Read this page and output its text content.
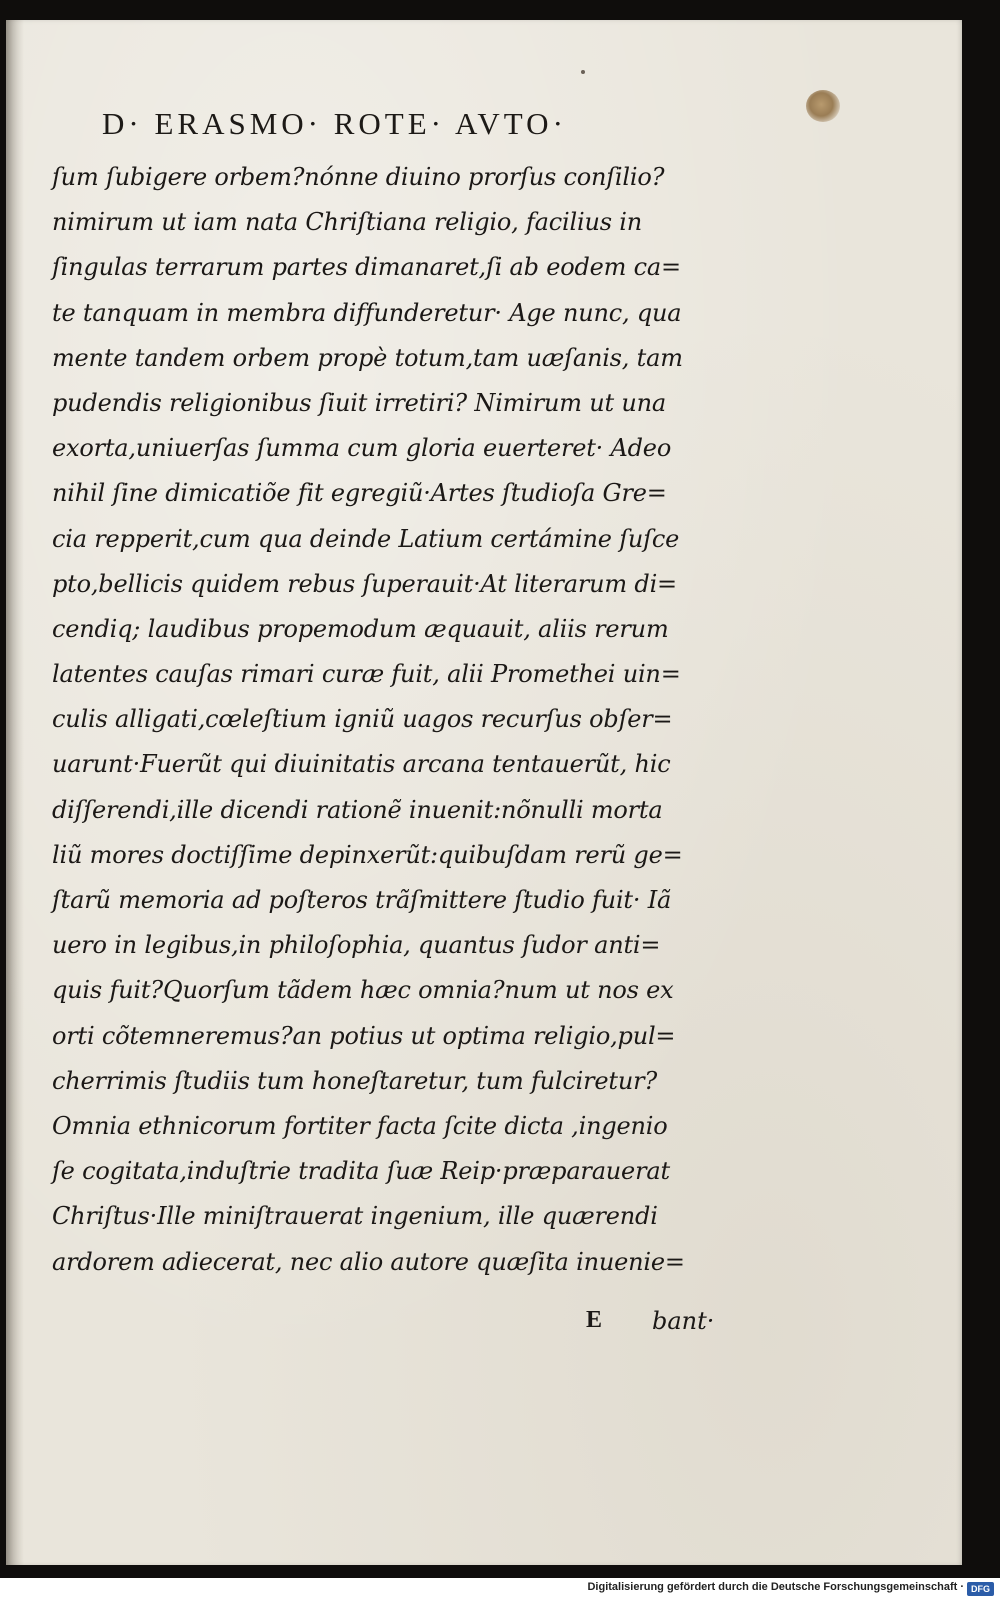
D· ERASMO· ROTE· AVTO·
ſum ſubigere orbem?nónne diuino prorſus conſilio?
nimirum ut iam nata Chriſtiana religio, facilius in
ſingulas terrarum partes dimanaret,ſi ab eodem ca=
te tanquam in membra diffunderetur· Age nunc, qua
mente tandem orbem propè totum,tam uæſanis, tam
pudendis religionibus ſiuit irretiri? Nimirum ut una
exorta,uniuerſas ſumma cum gloria euerteret· Adeo
nihil ſine dimicatiõe fit egregiũ·Artes ſtudioſa Gre=
cia repperit,cum qua deinde Latium certámine ſuſce
pto,bellicis quidem rebus ſuperauit·At literarum di=
cendiq; laudibus propemodum æquauit, aliis rerum
latentes cauſas rimari curæ fuit, alii Promethei uin=
culis alligati,cœleſtium igniũ uagos recurſus obſer=
uarunt·Fuerũt qui diuinitatis arcana tentauerũt, hic
diſſerendi,ille dicendi rationẽ inuenit:nõnulli morta
liũ mores doctiſſime depinxerũt:quibuſdam rerũ ge=
ſtarũ memoria ad poſteros trãſmittere ſtudio fuit· Iã
uero in legibus,in philoſophia, quantus ſudor anti=
quis fuit?Quorſum tãdem hæc omnia?num ut nos ex
orti cõtemneremus?an potius ut optima religio,pul=
cherrimis ſtudiis tum honeſtaretur, tum fulciretur?
Omnia ethnicorum fortiter facta ſcite dicta ,ingenio
ſe cogitata,induſtrie tradita ſuæ Reip·præparauerat
Chriſtus·Ille miniſtrauerat ingenium, ille quærendi
ardorem adiecerat, nec alio autore quæſita inuenie=
E bant·
Digitalisierung gefördert durch die Deutsche Forschungsgemeinschaft · DFG
